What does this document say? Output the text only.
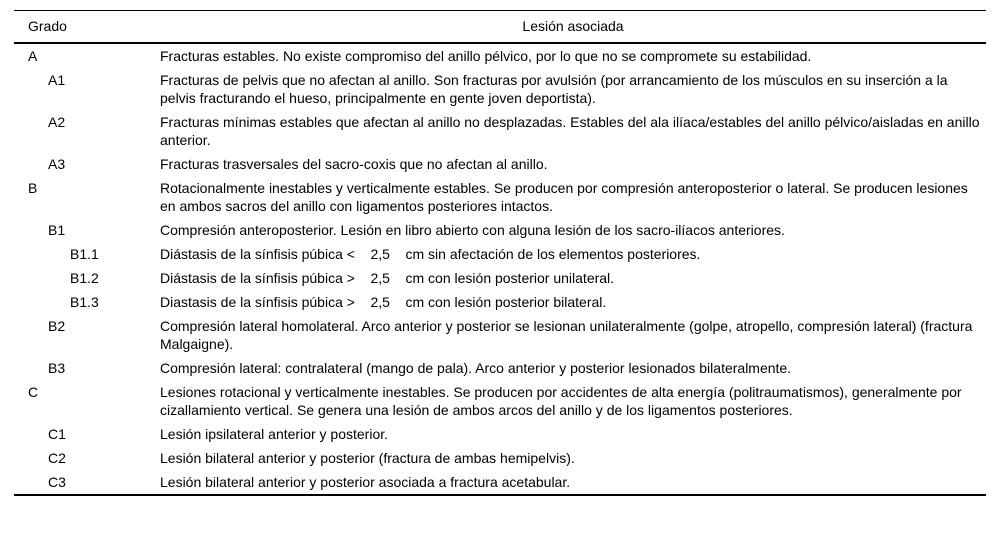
Grado	Lesión asociada
A	Fracturas estables. No existe compromiso del anillo pélvico, por lo que no se compromete su estabilidad.
A1	Fracturas de pelvis que no afectan al anillo. Son fracturas por avulsión (por arrancamiento de los músculos en su inserción a la pelvis fracturando el hueso, principalmente en gente joven deportista).
A2	Fracturas mínimas estables que afectan al anillo no desplazadas. Estables del ala ilíaca/estables del anillo pélvico/aisladas en anillo anterior.
A3	Fracturas trasversales del sacro-coxis que no afectan al anillo.
B	Rotacionalmente inestables y verticalmente estables. Se producen por compresión anteroposterior o lateral. Se producen lesiones en ambos sacros del anillo con ligamentos posteriores intactos.
B1	Compresión anteroposterior. Lesión en libro abierto con alguna lesión de los sacro-ilíacos anteriores.
B1.1	Diástasis de la sínfisis púbica <    2,5    cm sin afectación de los elementos posteriores.
B1.2	Diástasis de la sínfisis púbica >    2,5    cm con lesión posterior unilateral.
B1.3	Diastasis de la sínfisis púbica >    2,5    cm con lesión posterior bilateral.
B2	Compresión lateral homolateral. Arco anterior y posterior se lesionan unilateralmente (golpe, atropello, compresión lateral) (fractura Malgaigne).
B3	Compresión lateral: contralateral (mango de pala). Arco anterior y posterior lesionados bilateralmente.
C	Lesiones rotacional y verticalmente inestables. Se producen por accidentes de alta energía (politraumatismos), generalmente por cizallamiento vertical. Se genera una lesión de ambos arcos del anillo y de los ligamentos posteriores.
C1	Lesión ipsilateral anterior y posterior.
C2	Lesión bilateral anterior y posterior (fractura de ambas hemipelvis).
C3	Lesión bilateral anterior y posterior asociada a fractura acetabular.
